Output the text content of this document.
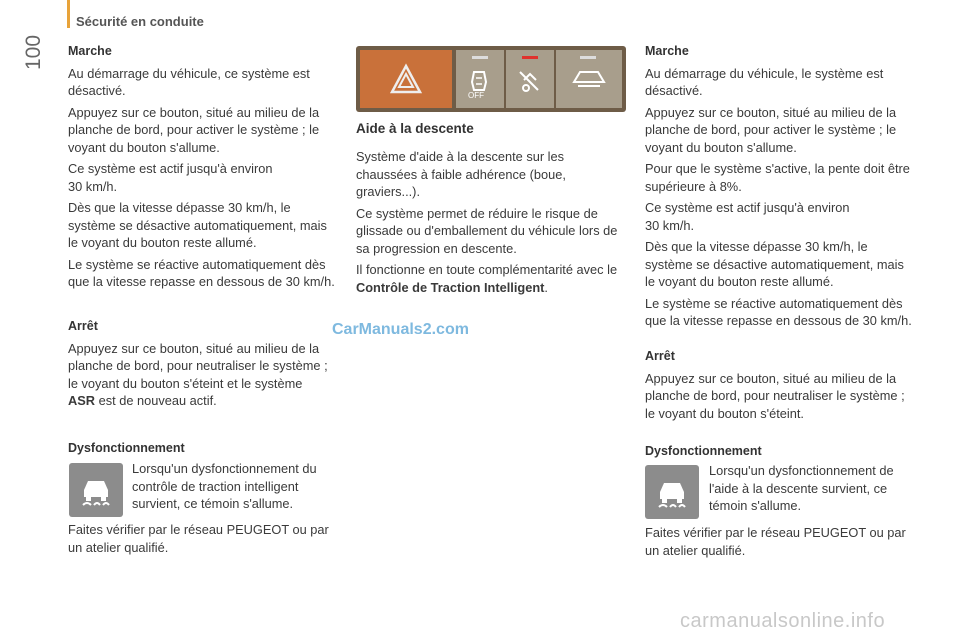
Sécurité en conduite
100 Marche

Au démarrage du véhicule, ce système est désactivé.

Appuyez sur ce bouton, situé au milieu de la planche de bord, pour activer le système ; le voyant du bouton s'allume.

Ce système est actif jusqu'à environ
30 km/h.

Dès que la vitesse dépasse 30 km/h, le système se désactive automatiquement, mais le voyant du bouton reste allumé.

Le système se réactive automatiquement dès que la vitesse repasse en dessous de 30 km/h.

Arrêt

Appuyez sur ce bouton, situé au milieu de la planche de bord, pour neutraliser le système ; le voyant du bouton s'éteint et le système ASR est de nouveau actif.

Dysfonctionnement

Lorsqu'un dysfonctionnement du contrôle de traction intelligent survient, ce témoin s'allume.

Faites vérifier par le réseau PEUGEOT ou par un atelier qualifié.

OFF
Aide à la descente

Système d'aide à la descente sur les chaussées à faible adhérence (boue, graviers...).

Ce système permet de réduire le risque de glissade ou d'emballement du véhicule lors de sa progression en descente.

Il fonctionne en toute complémentarité avec le Contrôle de Traction Intelligent.

Marche

Au démarrage du véhicule, le système est désactivé.

Appuyez sur ce bouton, situé au milieu de la planche de bord, pour activer le système ; le voyant du bouton s'allume.

Pour que le système s'active, la pente doit être supérieure à 8%.

Ce système est actif jusqu'à environ
30 km/h.

Dès que la vitesse dépasse 30 km/h, le système se désactive automatiquement, mais le voyant du bouton reste allumé.

Le système se réactive automatiquement dès que la vitesse repasse en dessous de 30 km/h.

Arrêt

Appuyez sur ce bouton, situé au milieu de la planche de bord, pour neutraliser le système ; le voyant du bouton s'éteint.

Dysfonctionnement

Lorsqu'un dysfonctionnement de l'aide à la descente survient, ce témoin s'allume.

Faites vérifier par le réseau PEUGEOT ou par un atelier qualifié.

CarManuals2.com
carmanualsonline.info
